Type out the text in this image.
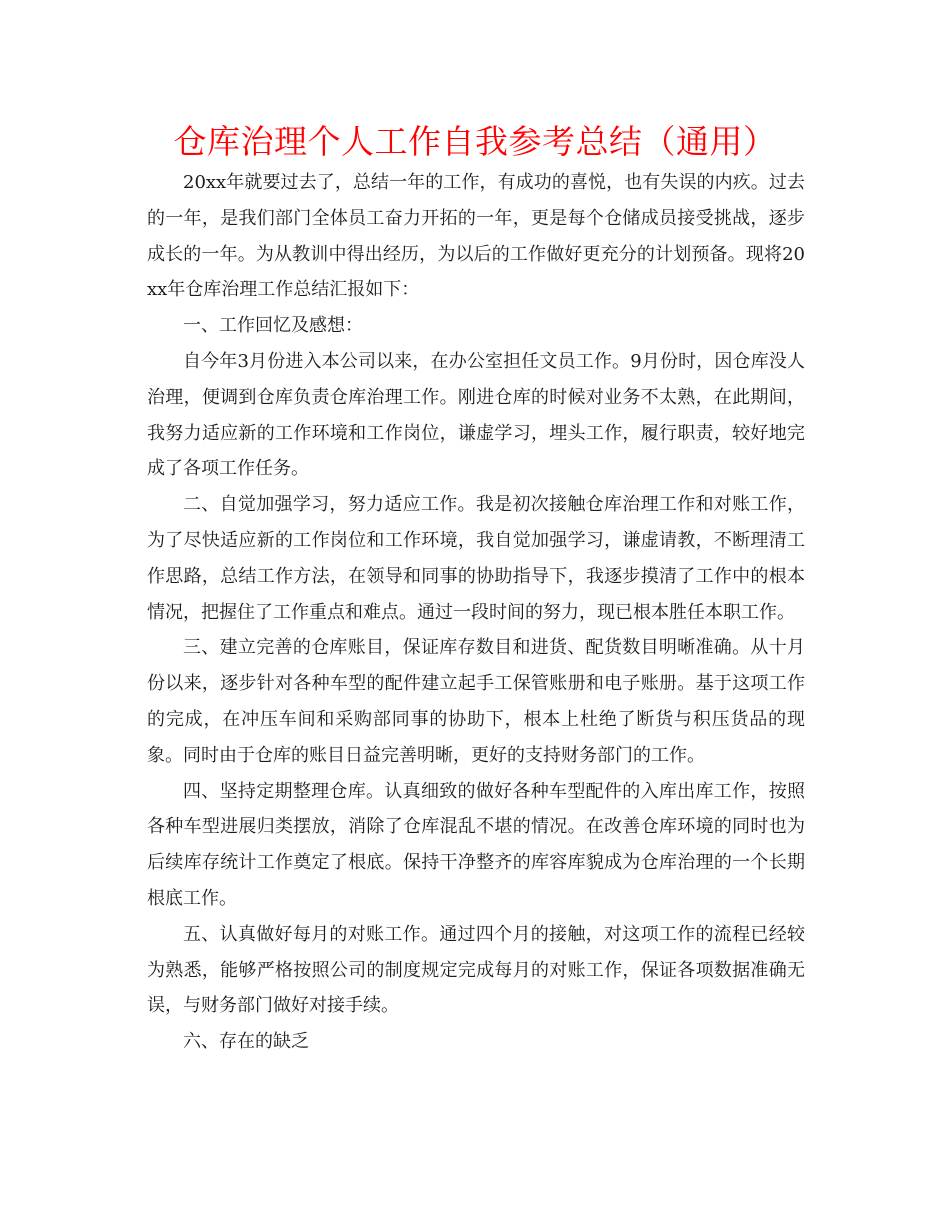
仓库治理个人工作自我参考总结（通用）

20xx年就要过去了，总结一年的工作，有成功的喜悦，也有失误的内疚。过去的一年，是我们部门全体员工奋力开拓的一年，更是每个仓储成员接受挑战，逐步成长的一年。为从教训中得出经历，为以后的工作做好更充分的计划预备。现将20xx年仓库治理工作总结汇报如下：

一、工作回忆及感想：

自今年3月份进入本公司以来，在办公室担任文员工作。9月份时，因仓库没人治理，便调到仓库负责仓库治理工作。刚进仓库的时候对业务不太熟，在此期间，我努力适应新的工作环境和工作岗位，谦虚学习，埋头工作，履行职责，较好地完成了各项工作任务。

二、自觉加强学习，努力适应工作。我是初次接触仓库治理工作和对账工作，为了尽快适应新的工作岗位和工作环境，我自觉加强学习，谦虚请教，不断理清工作思路，总结工作方法，在领导和同事的协助指导下，我逐步摸清了工作中的根本情况，把握住了工作重点和难点。通过一段时间的努力，现已根本胜任本职工作。

三、建立完善的仓库账目，保证库存数目和进货、配货数目明晰准确。从十月份以来，逐步针对各种车型的配件建立起手工保管账册和电子账册。基于这项工作的完成，在冲压车间和采购部同事的协助下，根本上杜绝了断货与积压货品的现象。同时由于仓库的账目日益完善明晰，更好的支持财务部门的工作。

四、坚持定期整理仓库。认真细致的做好各种车型配件的入库出库工作，按照各种车型进展归类摆放，消除了仓库混乱不堪的情况。在改善仓库环境的同时也为后续库存统计工作奠定了根底。保持干净整齐的库容库貌成为仓库治理的一个长期根底工作。

五、认真做好每月的对账工作。通过四个月的接触，对这项工作的流程已经较为熟悉，能够严格按照公司的制度规定完成每月的对账工作，保证各项数据准确无误，与财务部门做好对接手续。

六、存在的缺乏
